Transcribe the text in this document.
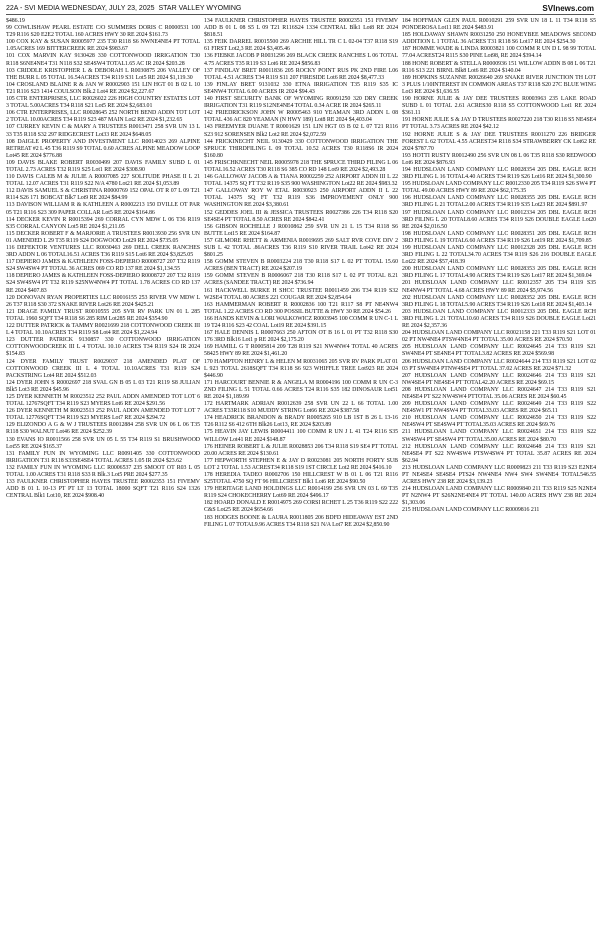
22A - SVI MEDIA WEDNESDAY, JULY 23, 2025 STAR VALLEY WYOMING	SVInews.com

$486.19

99 COWLISHAW PEARL ESTATE C/O SUMMERS DORIS C R0000531 100 T29 R116 S20 E2E2 TOTAL 160 ACRES HWY 30 RE 2024 $161.73

100 COX KAY & SUSAN R0005977 235 T30 R118 S6 NWNE4NE4 PT TOTAL 1.05ACRES 169 BITTERCREEK RE 2024 $983.67

101 COX MARVIN KAY 9130428 330 COTTONWOOD IRRIGATION T30 R118 S6NE4NE4 T31 N118 S32 SE4SW4 TOTAL1.65 AC IR 2024 $203.28

103 CRIDDLE KRISTOPHER L & DEBORAH L R0030875 206 VALLEY OF THE BURR L 05 TOTAL 16.54ACRES T34 R119 S31 Lot5 RE 2024 $1,119.30

104 CROSLAND BLAINE R & JAN W R0002903 151 LIN HGT 01 B 02 L 10 T21 R116 S23 1414 COULSON Blk.2 Lot4 RE 2024 $2,227.67

105 CTR ENTERPRISES, LLC R0026022 226 HIGH COUNTRY ESTATES LOT 3 TOTAL 5.00ACRES T34 R118 S21 Lot5 RE 2024 $2,683.01

106 CTR ENTERPRISES, LLC R0028645 252 NORTH BEND ADDN TOT LOT 2 TOTAL 10.00ACRES T34 R119 S23 487 MAIN Lot2 RE 2024 $1,232.65

107 CURREY KEVIN C & MARY A TRUSTEES R0013471 258 SVR UN 13 L 33 T35 R118 S32 297 RIDGECREST Lot33 RE 2024 $648.05

108 DAIGLE PROPERTY AND INVESTMENT LLC R0014023 269 ALPINE RETREAT #2 L 45 T36 R119 S9 TOTAL 0.60 ACRES ALPINE MEADOW LOOP Lot45 RE 2024 $776.88

109 DAVIS BLAKE ROBERT R0030499 207 DAVIS FAMILY SUBD L 01 TOTAL 2.73 ACRES T32 R119 S25 Lot1 RE 2024 $308.90

110 DAVIS CALEB M & JULIE A R0007085 227 SOLITUDE PHASE II L 21 TOTAL 12.07 ACRES T31 R119 S22 N/A 4780 Lot21 RE 2024 $1,053.89

112 DAVIS SAMUEL S & CHRISTINA R0000769 152 OPAL OT R 07 L 09 T21 R114 S26 171 BOBCAT Blk7 Lot9 RE 2024 $84.99

113 DAVISON WILLIAM R & KATHLEEN A R0002213 150 DVILLE OT PAR 05 T21 R116 S23 309 PAPER COLLAR Lot5 RE 2024 $164.86

114 DECKER KEVIN R R0015394 269 CORRAL CYN MDW L 06 T36 R119 S35 CORRAL CANYON Lot5 RE 2024 $1,211.05

115 DECKER ROBERT F & MARJORIE A TRUSTEES R0013930 256 SVR UN 01 AMENDED L 29 T35 R119 S24 DOGWOOD Lot29 RE 2024 $735.05

116 DEFEKTOR VENTURES LLC R0030463 269 DELL CREEK RANCHES 3RD ADDN L 06 TOTAL16.51 ACRES T36 R119 S15 Lot6 RE 2024 $3,825.05

117 DEPIERO JAMES & KATHLEEN FOSS-DEPIERO R0008727 207 T32 R119 S24 SW4SW4 PT TOTAL 36 ACRES 069 CO RD 137 RE 2024 $1,134.55

118 DEPIERO JAMES & KATHLEEN FOSS-DEPIERO R0008727 207 T32 R119 S24 SW4SW4 PT T32 R119 S25NW4NW4 PT TOTAL 1.78 ACRES CO RD 137 RE 2024 $407.83

120 DONOVAN RYAN PROPERTIES LLC R0016155 253 RIVER VW MDW L 26 T37 R118 S30 372 SNAKE RIVER Lot26 RE 2024 $425.21

121 DRAGE FAMILY TRUST R0010555 205 SVR RV PARK UN 01 L 285 TOTAL 1960 SQFT T34 R118 S6 285 RIM Lot285 RE 2024 $354.90

122 DUTTER PATRICK & TAMMY R0021699 218 COTTONWOOD CREEK III L 4 TOTAL 10.10ACRES T34 R119 S8 Lot4 RE 2024 $1,224.94

123 DUTTER PATRICK 9130857 330 COTTONWOOD IRRIGATION COTTONWOODCREEK III L 4 TOTAL 10.10 ACRES T34 R119 S24 IR 2024 $154.83

124 DYER FAMILY TRUST R0029037 218 AMENDED PLAT OF COTTONWOOD CREEK III L 4 TOTAL 10.10ACRES T31 R119 S24 PACKSTRING Lot4 RE 2024 $512.03

124 DYER JOHN S R0002697 218 SVAL GN B 05 L 03 T21 R119 S8 JULIAN Blk5 Lot3 RE 2024 $45.96

125 DYER KENNETH M R0023512 252 PAUL ADDN AMENDED TOT LOT 6 TOTAL 12767SQFT T34 R119 S23 MYERS Lot6 RE 2024 $291.56

126 DYER KENNETH M R0023513 252 PAUL ADDN AMENDED TOT LOT 7 TOTAL 12776SQFT T34 R119 S23 MYERS Lot7 RE 2024 $294.72

129 ELIZONDO A G & W J TRUSTEES R0012884 258 SVR UN 06 L 06 T35 R118 S30 WALNUT Lot46 RE 2024 $252.39

130 EVANS IO R0011566 258 SVR UN 05 L 55 T34 R119 S1 BRUSHWOOD Lot55 RE 2024 $165.37

131 FAMILY FUN IN WYOMING LLC R0091405 330 COTTONWOOD IRRIGATION T31 R118 S33SE4SE4 TOTAL ACRES 1.05 IR 2024 $23.62

132 FAMILY FUN IN WYOMING LLC R0006537 235 SMOOT OT R03 L 05 TOTAL 1.00 ACRES T31 R118 S33 R Blk.3 Lot5 PRE 2024 $277.35

133 FAULKNER CHRISTOPHER HAYES TRUSTEE R0002353 151 FIVEMV ADD B 01 L 10-13 PT PT LT 13 TOTAL 18000 SQFT T21 R116 S24 1326 CENTRAL Blk1 Lot10, RE 2024 $908.40

134 FAULKNER CHRISTOPHER HAYES TRUSTEE R0002351 151 FIVEMV ADD B 01 L 08 S5 L 09 T21 R116S24 1334 CENTRAL Blk1 Lot8 RE 2024 $818.51

135 FEIK DARREL R0015500 269 ARCHIE HILL TR C L 02-04 T37 R118 S19 61 FIRST Lot2,3 RE 2024 $3,405.46

136 FIEBKE JACOB P R0031296 269 BLACK CREEK RANCHES L 06 TOTAL 4.75 ACRES T35 R119 S3 Lot6 RE 2024 $856.83

137 FINDLAY BRET R0011836 205 ROCKY POINT RUS PK 2ND FIRE L06 TOTAL 4.51 ACRES T34 R119 S11 207 FIRESIDE Lot6 RE 2024 $8,477.33

139 FINLAY BRET 9131032 330 ETNA IRRIGATION T35 R119 S35 IC SE4NW4 TOTAL 6.00 ACRES IR 2024 $94.43

140 FIRST SECURITY BANK OF WYOMING R0091250 320 DRY CREEK IRRIGATION T31 R119 S12NE4NE4 TOTAL 0.34 ACRE IR 2024 $265.11

142 FRIEDRICKSON JOHN W R0005463 910 YEAMAN 3RD ADDN L 08 TOTAL 436 AC 820 YEAMAN (N HWY 189) Lot8 RE 2024 $4,403.04

143 FREEMYER DUANE T R0001629 151 LIN HGT 03 B 02 L 07 T21 R116 S23 912 SORENSEN Blk2 Lot2 RE 2024 $2,072.59

144 FRICKINECHT NEIL 9130429 330 COTTONWOOD IRRIGATION THE SPRUCE THIRDFILING L 09 TOTAL 10.52 ACRES T30 R118S6 IR 2024 $160.80

145 FRISCHKNECHT NEIL R0005978 218 THE SPRUCE THIRD FILING L 06 TOTAL16.52 ACRES T30 R118 S6 385 CO RD 148 Lot9 RE 2024 $2,493.28

146 GALLOWAY JACOB A & TIANA R0002259 252 AIRPORT ADDN III L 22 TOTAL 14375 SQ FT T32 R119 S35 900 WASHINGTON Lot22 RE 2024 $983.32

147 GALLOWAY ROY W ETAL R0030923 250 AIRPORT ADDN II L 22 TOTAL 14375 SQ FT T32 R119 S36 IMPROVEMENT ONLY 900 WASHINGTON RE 2024 $3,380.61

152 GEDDES JOEL III & JESSICA TRUSTEES R0027386 226 T34 R118 S20 SE4SE4 PT TOTAL 8.50 ACRES RE 2024 $842.41

156 GIBSON ROCHELLE J R0010862 259 SVR UN 21 L 15 T34 R118 S6 BUTTE Lot15 RE 2024 $164.87

157 GILMORE RHETT & ARMENIA R0019695 269 SALT RVR COVE DIV 2 SUB L 42 TOTAL .86ACRES T36 R119 S10 RIVER TRAIL Lot42 RE 2024 $801.25

158 GOMM STEVEN B R0003224 218 T30 R118 S17 L 02 PT TOTAL 15.60 ACRES (BEN TRACT) RE 2024 $207.19

159 GOMM STEVEN B R0006067 218 T30 R118 S17 L 02 PT TOTAL 8.21 ACRES (SANDEE TRACT) RE 2024 $736.94

161 HACKWELL BURKE H SHCC TRUSTEE R0011459 206 T34 R119 S32 W2SE4 TOTAL 80 ACRES 221 COUGAR RE 2024 $2,854.64

163 HAMMERMAN ROBERT R R0002836 100 T21 R117 S8 PT NE4NW4 TOTAL 1.22 ACRES CO RD 300 POSSIL BUTTE & HWY 30 RE 2024 $54.26

166 HANDS KEVIN & LORI WALKOWICZ R0003945 100 COMM R UN C-1 L 19 T24 R116 S23 42 COAL Lot19 RE 2024 $391.15

167 HALE DENNIS L R0007663 250 AFTON OT B 16 L 01 PT T32 R118 S30 176 3RD Blk16 Lot1 p RE 2024 $2,175.20

169 HAMILL G T R0005814 209 T28 R119 S21 NW4NW4 TOTAL 40 ACRES 58425 HWY 89 RE 2024 $1,461.20

170 HAMPTON HENRY L & HELEN M R0031065 205 SVR RV PARK PLAT 01 L 923 TOTAL 2618SQFT T34 R118 S6 923 WHIFFLE TREE Lot923 RE 2024 $446.90

171 HARCOURT BENNIE R & ANGELA M R0004196 100 COMM R UN C-3 ZND FILING L 51 TOTAL 0.66 ACRES T24 R116 S35 182 DINOSAUR Lot51 RE 2024 $1,189.99

172 HARTMARK ADRIAN R0012639 258 SVR UN 22 L 66 TOTAL 1.00 ACRES T33R118 S10 MUDDY STRING Lot66 RE 2024 $387.58

174 HEADRICK BRANDON & BRADY R0005265 910 LB 1ST B 26 L 13-16 T26 R112 S6 412 6TH Blk26 Lot13, RE 2024 $203.89

175 HEAVIN JAY LEWIS R0004411 100 COMM R UN J L 41 T24 R116 S35 WILLOW Lot41 RE 2024 $148.87

176 HEINER ROBERT L & JULIE R0028853 206 T34 R118 S19 SE4 PT TOTAL 20.00 ACRES RE 2024 $130.61

177 HEPWORTH STEPHEN E & JAY D R0023081 205 NORTH FORTY SUB LOT 2 TOTAL 1.53 ACREST34 R118 S19 1ST CIRCLE Lot2 RE 2024 $416.10

178 HEREDIA TADEO R0002706 150 HILLCREST W B 01 L 06 T21 R116 S25TOTAL 4750 SQ FT 96 HILLCREST Blk1 Lot6 RE 2024 $90.50

179 HERITAGE LAND HOLDINGS LLC R0014199 256 SVR UN 03 L 69 T35 R119 S24 CHOKECHERRY Lot69 RE 2024 $496.17

182 HOARD DONALD E R0014975 269 CORSI RCHET L 25 T36 R119 S22 222 C&S Lot25 RE 2024 $654.66

183 HODGES BOONE & LAURA R0011805 206 BDFD HIDEAWAY EST 2ND FILING L 07 TOTAL9.96 ACRES T34 R118 S21 N/A Lot7 RE 2024 $2,850.90

184 HOFFMAN GLEN PAUL R0010291 259 SVR UN 18 L 11 T34 R118 S5 PONDEROSA Lot11 RE 2024 $483.91

185 HOLDAWAY SHAWN R0031250 250 HONEYBEE MEADOWS SECOND ADDITION L 1 TOTAL 36 ACRES T31 R118 S6 Lot17 RE 2024 $254.30

187 HOMME WADE & LINDA R0003821 100 COMM R UN D L 98 99 TOTAL 77.04 ACREST24 R115 S30 PINE Lot98, RE 2024 $394.14

188 HONE ROBERT & STELLA R0000936 151 WILLOW ADDN B 08 L 06 T21 R116 S13 221 BIRNL Blk8 Lot6 RE 2024 $140.04

189 HOPKINS SUZANNE R0026640 269 SNAKE RIVER JUNCTION TH LOT 3 PLUS 1/10INTEREST IN COMMON AREAS T37 R118 S20 27C BLUE WING Lot3 RE 2024 $1,636.55

190 HORNE JULIE & JAY DEE TRUSTEES R0003963 235 LAKE ROAD SUBD L 01 TOTAL 2.61 ACRES30 R118 S5 COTTONWOOD Lot1 RE 2024 $361.11

191 HORNE JULIE S & JAY D TRUSTEES R0027220 218 T30 R118 S5 NE4SE4 PT TOTAL 3.73 ACRES RE 2024 $42.12

192 HORNE JULIE S & JAY DEE TRUSTEES R0011270 226 BRIDGER FOREST L 62 TOTAL 4.55 ACREST34 R118 S34 STRAWBERRY CK Lot62 RE 2024 $787.70

193 HOTTI RUSTY R0012490 256 SVR UN 08 L 06 T35 R118 S30 REDWOOD Lot6 RE 2024 $876.93

194 HUDSLOAN LAND COMPANY LLC R0028354 205 DBL EAGLE RCH 3RD FILING L 16 TOTAL4.40 ACRES T34 R119 S26 Lot16 RE 2024 $1,300.90

195 HUDSLOAN LAND COMPANY LLC R0012330 205 T34 R119 S26 SW4 PT TOTAL 49.00 ACRES HWY 89 RE 2024 $62,175.35

196 HUDSLOAN LAND COMPANY LLC R0028355 205 DBL EAGLE RCH 3RD FILING L 21 TOTAL2.00 ACRES T34 R119 S35 Lot23 RE 2024 $891.97

197 HUDSLOAN LAND COMPANY LLC R0012334 205 DBL EAGLE RCH 3RD FILING L 20 TOTAL8.60 ACRES T34 R119 S26 DOUBLE EAGLE Lot20 RE 2024 $2,016.50

198 HUDSLOAN LAND COMPANY LLC R0028351 205 DBL EAGLE RCH 3RD FILING L 19 TOTAL6.60 ACRES T34 R119 S26 Lot19 RE 2024 $1,709.85

199 HUDSLOAN LAND COMPANY LLC R0012328 205 DBL EAGLE RCH 3RD FILING L 22 TOTAL34.70 ACRES T34 R119 S26 216 DOUBLE EAGLE Lot22 RE 2024 $57,418.39

200 HUDSLOAN LAND COMPANY LLC R0028353 205 DBL EAGLE RCH 3RD FILING L 17 TOTAL4.90 ACRES T34 R119 S26 Lot17 RE 2024 $1,369.04

201 HUDSLOAN LAND COMPANY LLC R0012357 205 T34 R119 S35 NE4NW4 PT TOTAL 4.68 ACRES HWY 89 RE 2024 $5,974.56

202 HUDSLOAN LAND COMPANY LLC R0028352 205 DBL EAGLE RCH 3RD FILING L 18 TOTAL5.90 ACRES T34 R119 S26 Lot18 RE 2024 $1,403.14

203 HUDSLOAN LAND COMPANY LLC R0012333 205 DBL EAGLE RCH 3RD FILING L 21 TOTAL10.60 ACRES T34 R119 S26 DOUBLE EAGLE Lot21 RE 2024 $2,357.36

204 HUDSLOAN LAND COMPANY LLC R0021158 221 T33 R119 S21 LOT 01 02 PT NW4NE4 PTSW4NE4 PT TOTAL 35.00 ACRES RE 2024 $70.50

205 HUDSLOAN LAND COMPANY LLC R0024645 214 T33 R119 S21 SW4NE4 PT SE4NE4 PT TOTAL3.82 ACRES RE 2024 $569.98

206 HUDSLOAN LAND COMPANY LLC R0024644 214 T33 R119 S21 LOT 02 03 PT SW4NE4 PTNW4SE4 PT TOTAL 37.02 ACRES RE 2024 $71.32

207 HUDSLOAN LAND COMPANY LLC R0024646 214 T33 R119 S21 NW4SE4 PT NE4SE4 PT TOTAL42.20 ACRES RE 2024 $69.15

208 HUDSLOAN LAND COMPANY LLC R0024647 214 T33 R119 S21 NE4SE4 PT S22 NW4SW4 PTTOTAL 35.06 ACRES RE 2024 $60.45

209 HUDSLOAN LAND COMPANY LLC R0024649 214 T33 R119 S22 NE4SW1 PT NW4SW4 PT TOTAL33.03 ACRES RE 2024 $65.11

210 HUDSLOAN LAND COMPANY LLC R0024650 214 T33 R119 S22 NE4SW4 PT SE4SW4 PT TOTAL35.03 ACRES RE 2024 $69.76

211 HUDSLOAN LAND COMPANY LLC R0024651 214 T33 R119 S22 SW4SW4 PT SE4SW4 PT TOTAL35.00 ACRES RE 2024 $80.70

212 HUDSLOAN LAND COMPANY LLC R0024648 214 T33 R119 S21 NE4SE4 PT S22 NW4SW4 PTSW4SW4 PT TOTAL 35.87 ACRES RE 2024 $62.94

213 HUDSLOAN LAND COMPANY LLC R0009823 211 T33 R119 S23 E2NE4 PT NE4SE4 SE4SE4 PTS24 NW4NE4 NW4 SW4 SW4NE4 TOTAL546.55 ACRES HWY 238 RE 2024 $3,139.23

214 HUDSLOAN LAND COMPANY LLC R0009840 211 T33 R119 S25 N2NE4 PT N2NW4 PT S26N2NE4NE4 PT TOTAL 140.00 ACRES HWY 238 RE 2024 $1,303.06

215 HUDSLOAN LAND COMPANY LLC R0009816 211
